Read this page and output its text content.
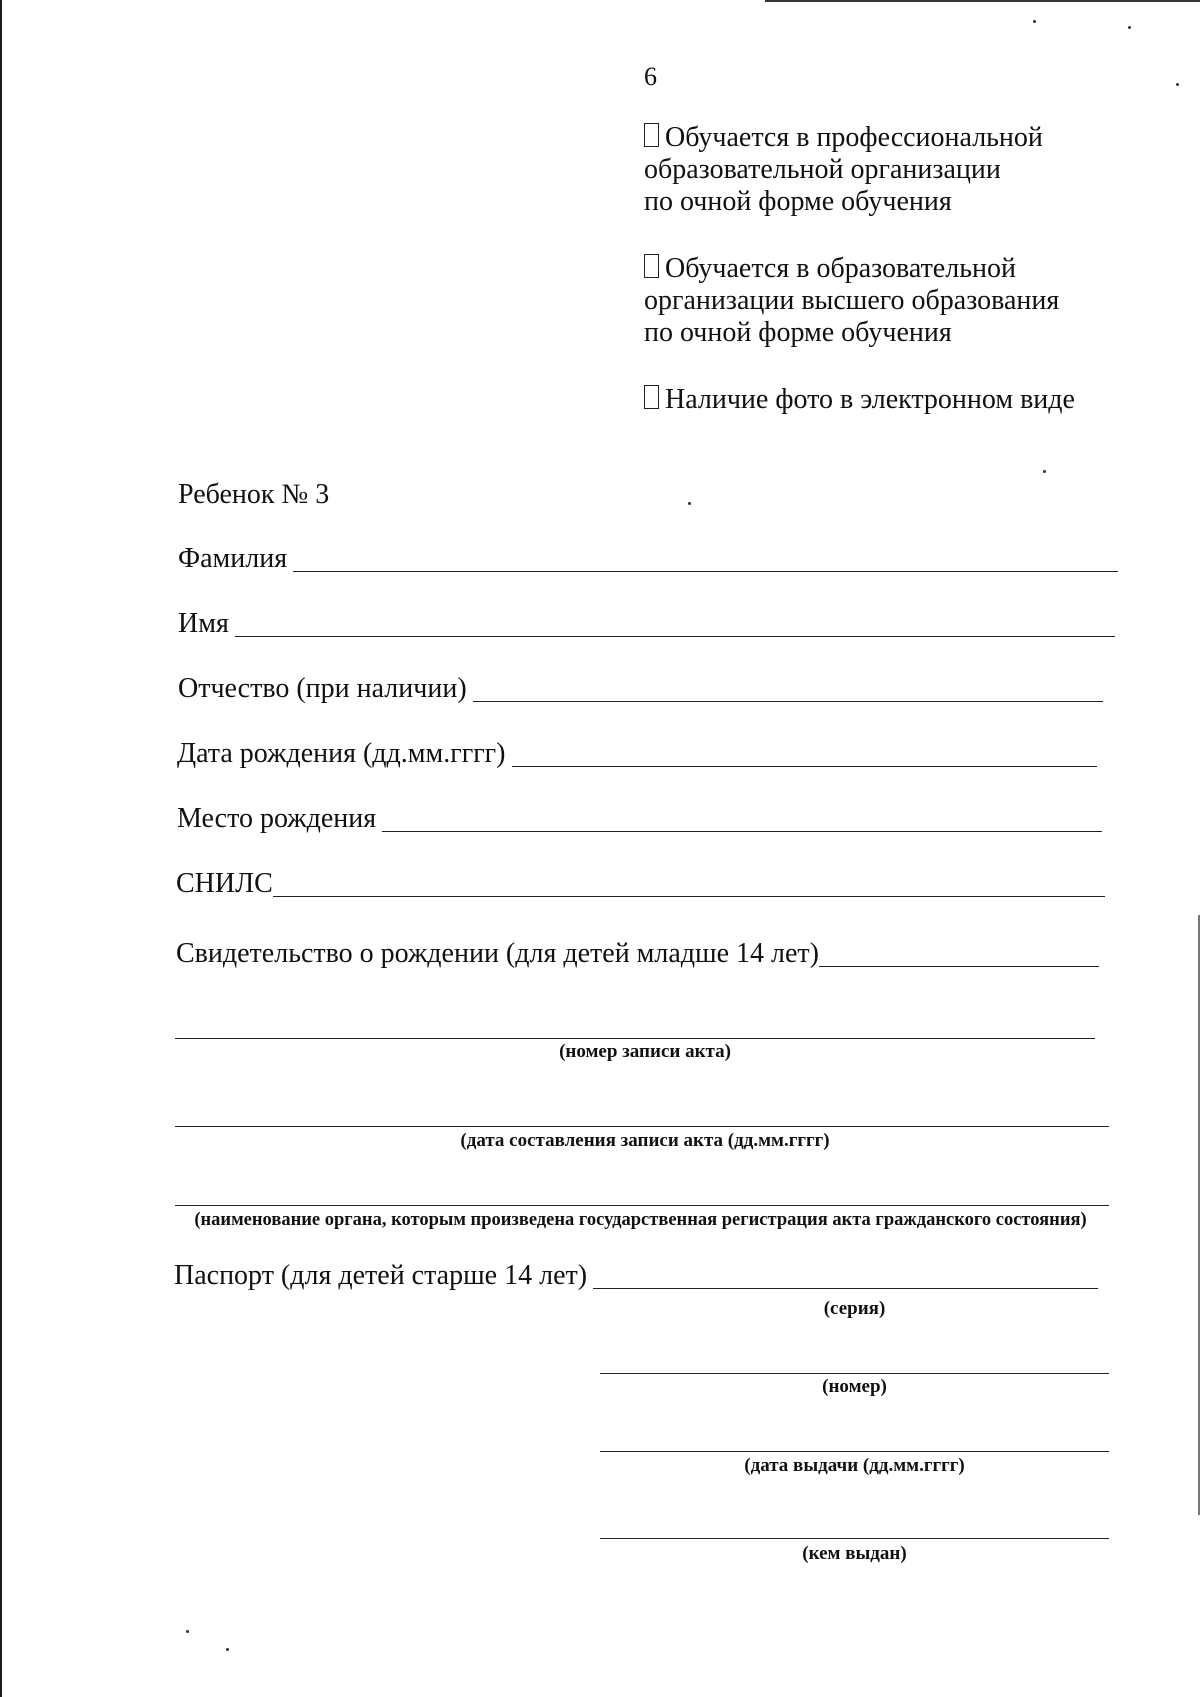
6
Обучается в профессиональной
образовательной организации
по очной форме обучения
Обучается в образовательной
организации высшего образования
по очной форме обучения
Наличие фото в электронном виде
Ребенок № 3
Фамилия
Имя
Отчество (при наличии)
Дата рождения (дд.мм.гггг)
Место рождения
СНИЛС
Свидетельство о рождении (для детей младше 14 лет)
(номер записи акта)
(дата составления записи акта (дд.мм.гггг)
(наименование органа, которым произведена государственная регистрация акта гражданского состояния)
Паспорт (для детей старше 14 лет)
(серия)
(номер)
(дата выдачи (дд.мм.гггг)
(кем выдан)
